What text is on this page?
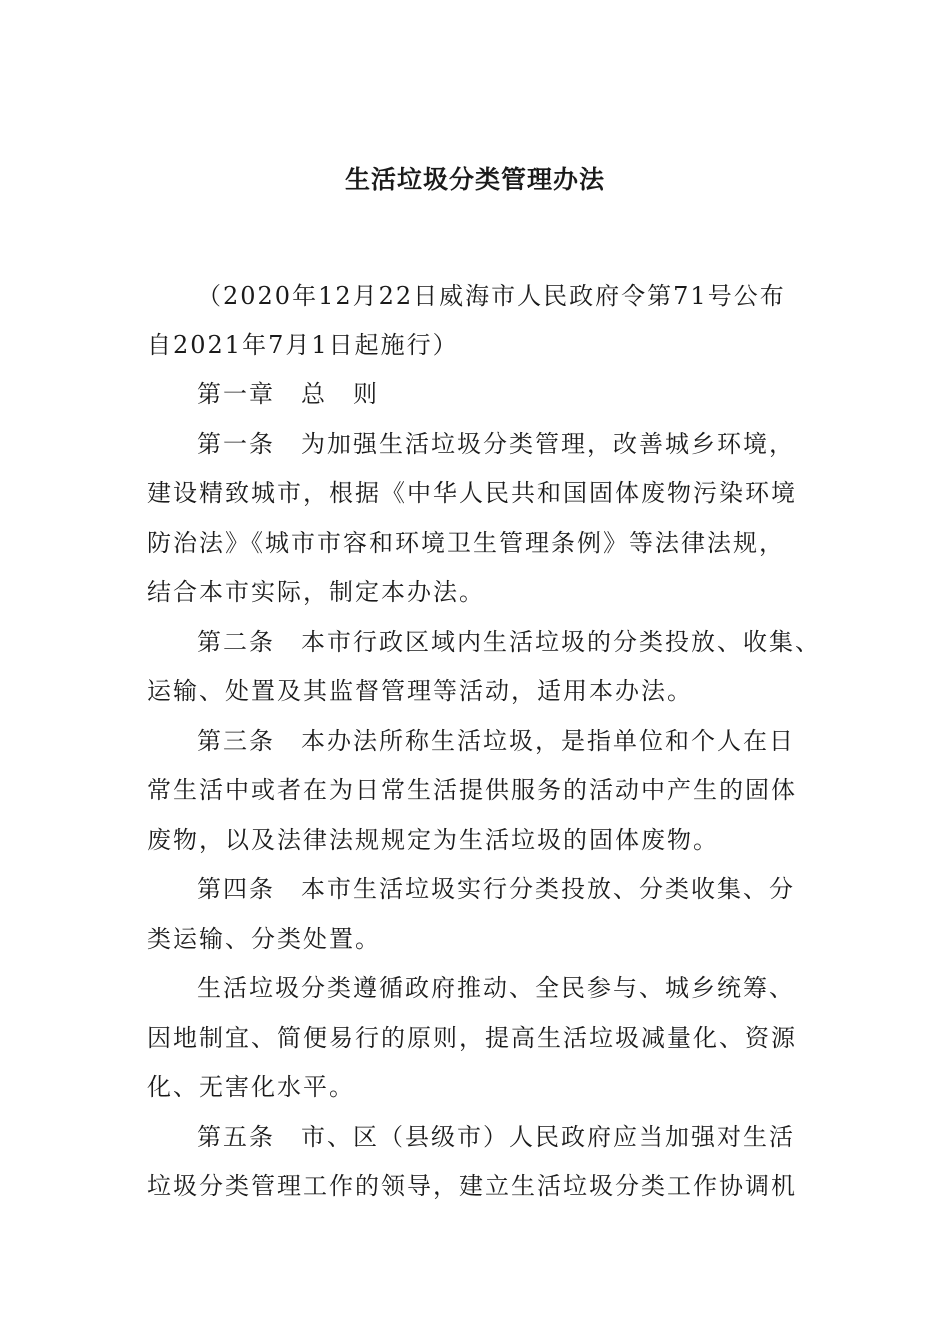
生活垃圾分类管理办法
（2020年12月22日威海市人民政府令第71号公布
自2021年7月1日起施行）
第一章　总　则
第一条　为加强生活垃圾分类管理，改善城乡环境，
建设精致城市，根据《中华人民共和国固体废物污染环境
防治法》《城市市容和环境卫生管理条例》等法律法规，
结合本市实际，制定本办法。
第二条　本市行政区域内生活垃圾的分类投放、收集、
运输、处置及其监督管理等活动，适用本办法。
第三条　本办法所称生活垃圾，是指单位和个人在日
常生活中或者在为日常生活提供服务的活动中产生的固体
废物，以及法律法规规定为生活垃圾的固体废物。
第四条　本市生活垃圾实行分类投放、分类收集、分
类运输、分类处置。
生活垃圾分类遵循政府推动、全民参与、城乡统筹、
因地制宜、简便易行的原则，提高生活垃圾减量化、资源
化、无害化水平。
第五条　市、区（县级市）人民政府应当加强对生活
垃圾分类管理工作的领导，建立生活垃圾分类工作协调机
